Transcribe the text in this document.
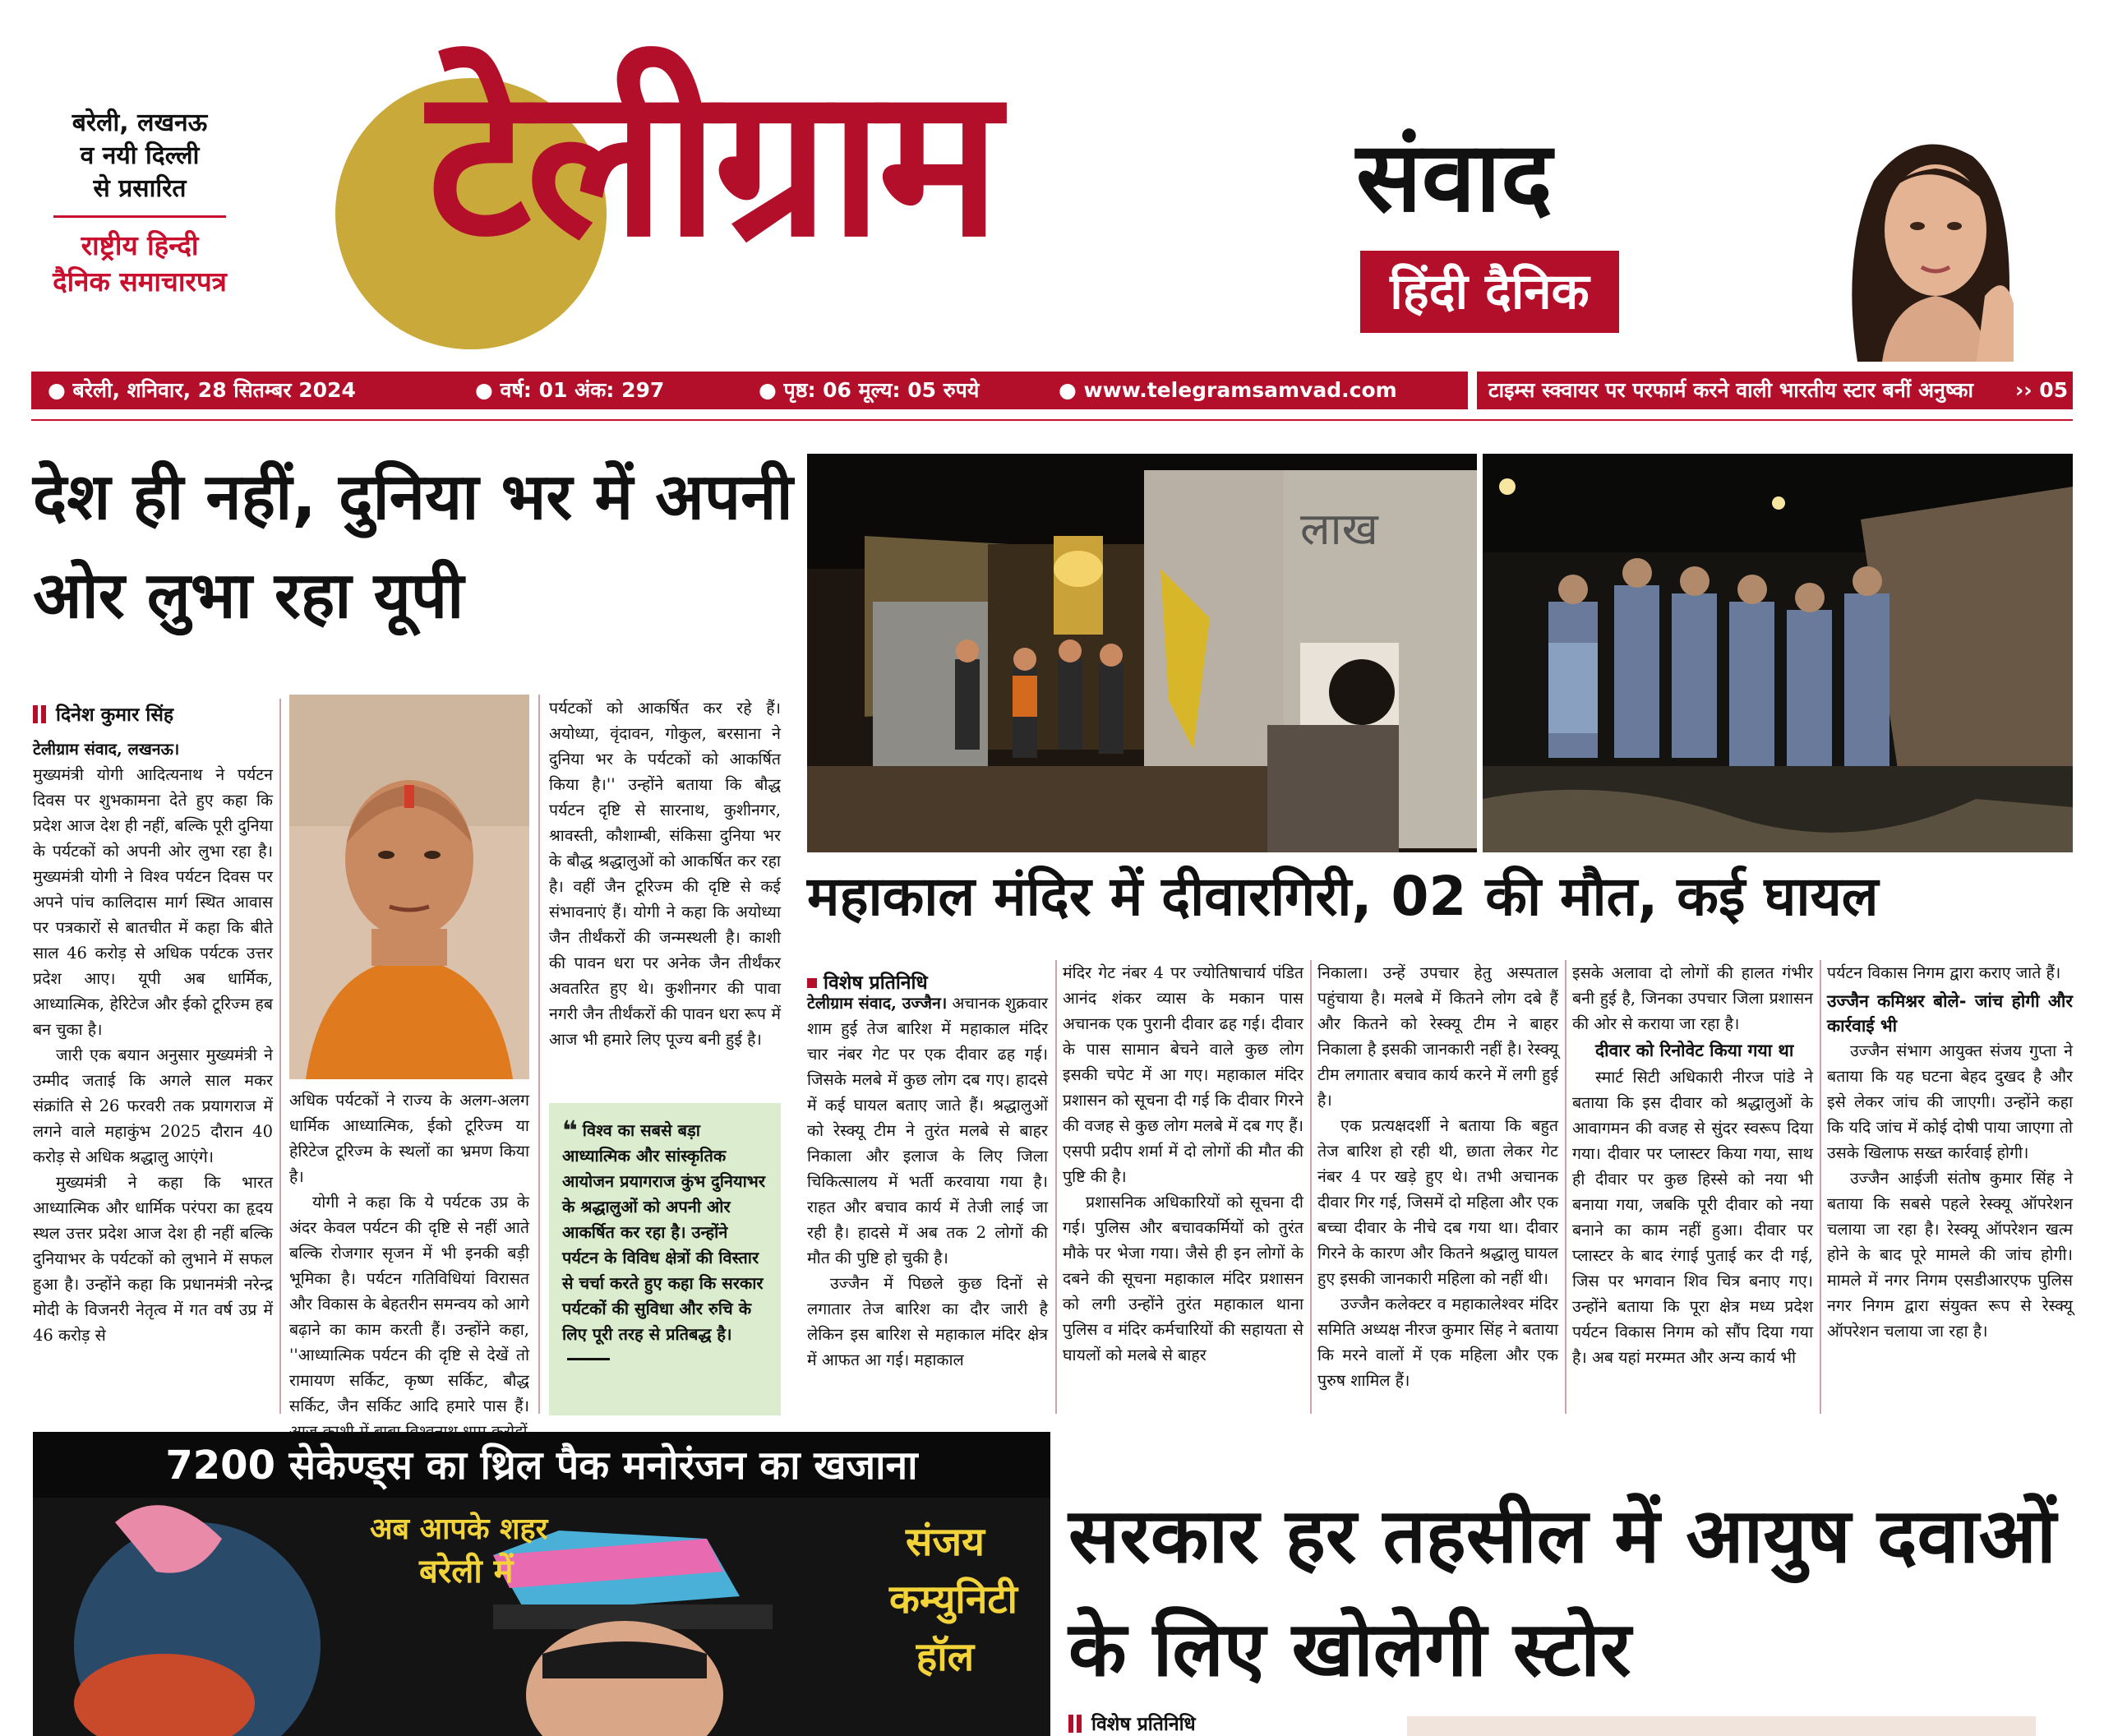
बरेली, लखनऊ
व नयी दिल्ली
से प्रसारित
राष्ट्रीय हिन्दी
दैनिक समाचारपत्र टेलीग्राम	संवाद
हिंदी दैनिक
● बरेली, शनिवार, 28 सितम्बर 2024	● वर्ष: 01 अंक: 297	● पृष्ठ: 06 मूल्य: 05 रुपये	● www.telegramsamvad.com	टाइम्स स्क्वायर पर परफार्म करने वाली भारतीय स्टार बनीं अनुष्का ›› 05
देश ही नहीं, दुनिया भर में अपनी ओर लुभा रहा यूपी
दिनेश कुमार सिंह

टेलीग्राम संवाद, लखनऊ।

मुख्यमंत्री योगी आदित्यनाथ ने पर्यटन दिवस पर शुभकामना देते हुए कहा कि प्रदेश आज देश ही नहीं, बल्कि पूरी दुनिया के पर्यटकों को अपनी ओर लुभा रहा है। मुख्यमंत्री योगी ने विश्व पर्यटन दिवस पर अपने पांच कालिदास मार्ग स्थित आवास पर पत्रकारों से बातचीत में कहा कि बीते साल 46 करोड़ से अधिक पर्यटक उत्तर प्रदेश आए। यूपी अब धार्मिक, आध्यात्मिक, हेरिटेज और ईको टूरिज्म हब बन चुका है।

जारी एक बयान अनुसार मुख्यमंत्री ने उम्मीद जताई कि अगले साल मकर संक्रांति से 26 फरवरी तक प्रयागराज में लगने वाले महाकुंभ 2025 दौरान 40 करोड़ से अधिक श्रद्धालु आएंगे।

मुख्यमंत्री ने कहा कि भारत आध्यात्मिक और धार्मिक परंपरा का हृदय स्थल उत्तर प्रदेश आज देश ही नहीं बल्कि दुनियाभर के पर्यटकों को लुभाने में सफल हुआ है। उन्होंने कहा कि प्रधानमंत्री नरेन्द्र मोदी के विजनरी नेतृत्व में गत वर्ष उप्र में 46 करोड़ से

अधिक पर्यटकों ने राज्य के अलग-अलग धार्मिक आध्यात्मिक, ईको टूरिज्म या हेरिटेज टूरिज्म के स्थलों का भ्रमण किया है।

योगी ने कहा कि ये पर्यटक उप्र के अंदर केवल पर्यटन की दृष्टि से नहीं आते बल्कि रोजगार सृजन में भी इनकी बड़ी भूमिका है। पर्यटन गतिविधियां विरासत और विकास के बेहतरीन समन्वय को आगे बढ़ाने का काम करती हैं। उन्होंने कहा, ''आध्यात्मिक पर्यटन की दृष्टि से देखें तो रामायण सर्किट, कृष्ण सर्किट, बौद्ध सर्किट, जैन सर्किट आदि हमारे पास हैं।

पर्यटकों को आकर्षित कर रहे हैं। अयोध्या, वृंदावन, गोकुल, बरसाना ने दुनिया भर के पर्यटकों को आकर्षित किया है।'' उन्होंने बताया कि बौद्ध पर्यटन दृष्टि से सारनाथ, कुशीनगर, श्रावस्ती, कौशाम्बी, संकिसा दुनिया भर के बौद्ध श्रद्धालुओं को आकर्षित कर रहा है। वहीं जैन टूरिज्म की दृष्टि से कई संभावनाएं हैं। योगी ने कहा कि अयोध्या जैन तीर्थंकरों की जन्मस्थली है। काशी की पावन धरा पर अनेक जैन तीर्थंकर अवतरित हुए थे। कुशीनगर की पावा नगरी जैन तीर्थंकरों की पावन धरा रूप में आज भी हमारे लिए पूज्य बनी हुई है।

❝ विश्व का सबसे बड़ा आध्यात्मिक और सांस्कृतिक आयोजन प्रयागराज कुंभ दुनियाभर के श्रद्धालुओं को अपनी ओर आकर्षित कर रहा है। उन्होंने पर्यटन के विविध क्षेत्रों की विस्तार से चर्चा करते हुए कहा कि सरकार पर्यटकों की सुविधा और रुचि के लिए पूरी तरह से प्रतिबद्ध है।
लाख
महाकाल मंदिर में दीवारगिरी, 02 की मौत, कई घायल
विशेष प्रतिनिधि

टेलीग्राम संवाद, उज्जैन। अचानक शुक्रवार शाम हुई तेज बारिश में महाकाल मंदिर चार नंबर गेट पर एक दीवार ढह गई। जिसके मलबे में कुछ लोग दब गए। हादसे में कई घायल बताए जाते हैं। श्रद्धालुओं को रेस्क्यू टीम ने तुरंत मलबे से बाहर निकाला और इलाज के लिए जिला चिकित्सालय में भर्ती करवाया गया है। राहत और बचाव कार्य में तेजी लाई जा रही है। हादसे में अब तक 2 लोगों की मौत की पुष्टि हो चुकी है।

उज्जैन में पिछले कुछ दिनों से लगातार तेज बारिश का दौर जारी है लेकिन इस बारिश से महाकाल मंदिर क्षेत्र में आफत आ गई। महाकाल

मंदिर गेट नंबर 4 पर ज्योतिषाचार्य पंडित आनंद शंकर व्यास के मकान पास अचानक एक पुरानी दीवार ढह गई। दीवार के पास सामान बेचने वाले कुछ लोग इसकी चपेट में आ गए। महाकाल मंदिर प्रशासन को सूचना दी गई कि दीवार गिरने की वजह से कुछ लोग मलबे में दब गए हैं। एसपी प्रदीप शर्मा में दो लोगों की मौत की पुष्टि की है।

प्रशासनिक अधिकारियों को सूचना दी गई। पुलिस और बचावकर्मियों को तुरंत मौके पर भेजा गया। जैसे ही इन लोगों के दबने की सूचना महाकाल मंदिर प्रशासन को लगी उन्होंने तुरंत महाकाल थाना पुलिस व मंदिर कर्मचारियों की सहायता से घायलों को मलबे से बाहर

निकाला। उन्हें उपचार हेतु अस्पताल पहुंचाया है। मलबे में कितने लोग दबे हैं और कितने को रेस्क्यू टीम ने बाहर निकाला है इसकी जानकारी नहीं है। रेस्क्यू टीम लगातार बचाव कार्य करने में लगी हुई है।

एक प्रत्यक्षदर्शी ने बताया कि बहुत तेज बारिश हो रही थी, छाता लेकर गेट नंबर 4 पर खड़े हुए थे। तभी अचानक दीवार गिर गई, जिसमें दो महिला और एक बच्चा दीवार के नीचे दब गया था। दीवार गिरने के कारण और कितने श्रद्धालु घायल हुए इसकी जानकारी महिला को नहीं थी।

उज्जैन कलेक्टर व महाकालेश्वर मंदिर समिति अध्यक्ष नीरज कुमार सिंह ने बताया कि मरने वालों में एक महिला और एक पुरुष शामिल हैं।

इसके अलावा दो लोगों की हालत गंभीर बनी हुई है, जिनका उपचार जिला प्रशासन की ओर से कराया जा रहा है।

दीवार को रिनोवेट किया गया था

स्मार्ट सिटी अधिकारी नीरज पांडे ने बताया कि इस दीवार को श्रद्धालुओं के आवागमन की वजह से सुंदर स्वरूप दिया गया। दीवार पर प्लास्टर किया गया, साथ ही दीवार पर कुछ हिस्से को नया भी बनाया गया, जबकि पूरी दीवार को नया बनाने का काम नहीं हुआ। दीवार पर प्लास्टर के बाद रंगाई पुताई कर दी गई, जिस पर भगवान शिव चित्र बनाए गए। उन्होंने बताया कि पूरा क्षेत्र मध्य प्रदेश पर्यटन विकास निगम को सौंप दिया गया है। अब यहां मरम्मत और अन्य कार्य भी

पर्यटन विकास निगम द्वारा कराए जाते हैं।

उज्जैन कमिश्नर बोले- जांच होगी और कार्रवाई भी

उज्जैन संभाग आयुक्त संजय गुप्ता ने बताया कि यह घटना बेहद दुखद है और इसे लेकर जांच की जाएगी। उन्होंने कहा कि यदि जांच में कोई दोषी पाया जाएगा तो उसके खिलाफ सख्त कार्रवाई होगी।

उज्जैन आईजी संतोष कुमार सिंह ने बताया कि सबसे पहले रेस्क्यू ऑपरेशन चलाया जा रहा है। रेस्क्यू ऑपरेशन खत्म होने के बाद पूरे मामले की जांच होगी। मामले में नगर निगम एसडीआरएफ पुलिस नगर निगम द्वारा संयुक्त रूप से रेस्क्यू ऑपरेशन चलाया जा रहा है।

7200 सेकेण्ड्स का थ्रिल पैक मनोरंजन का खजाना
अब आपके शहर
बरेली में
संजय
कम्युनिटी
हॉल
सरकार हर तहसील में आयुष दवाओं के लिए खोलेगी स्टोर
विशेष प्रतिनिधि
